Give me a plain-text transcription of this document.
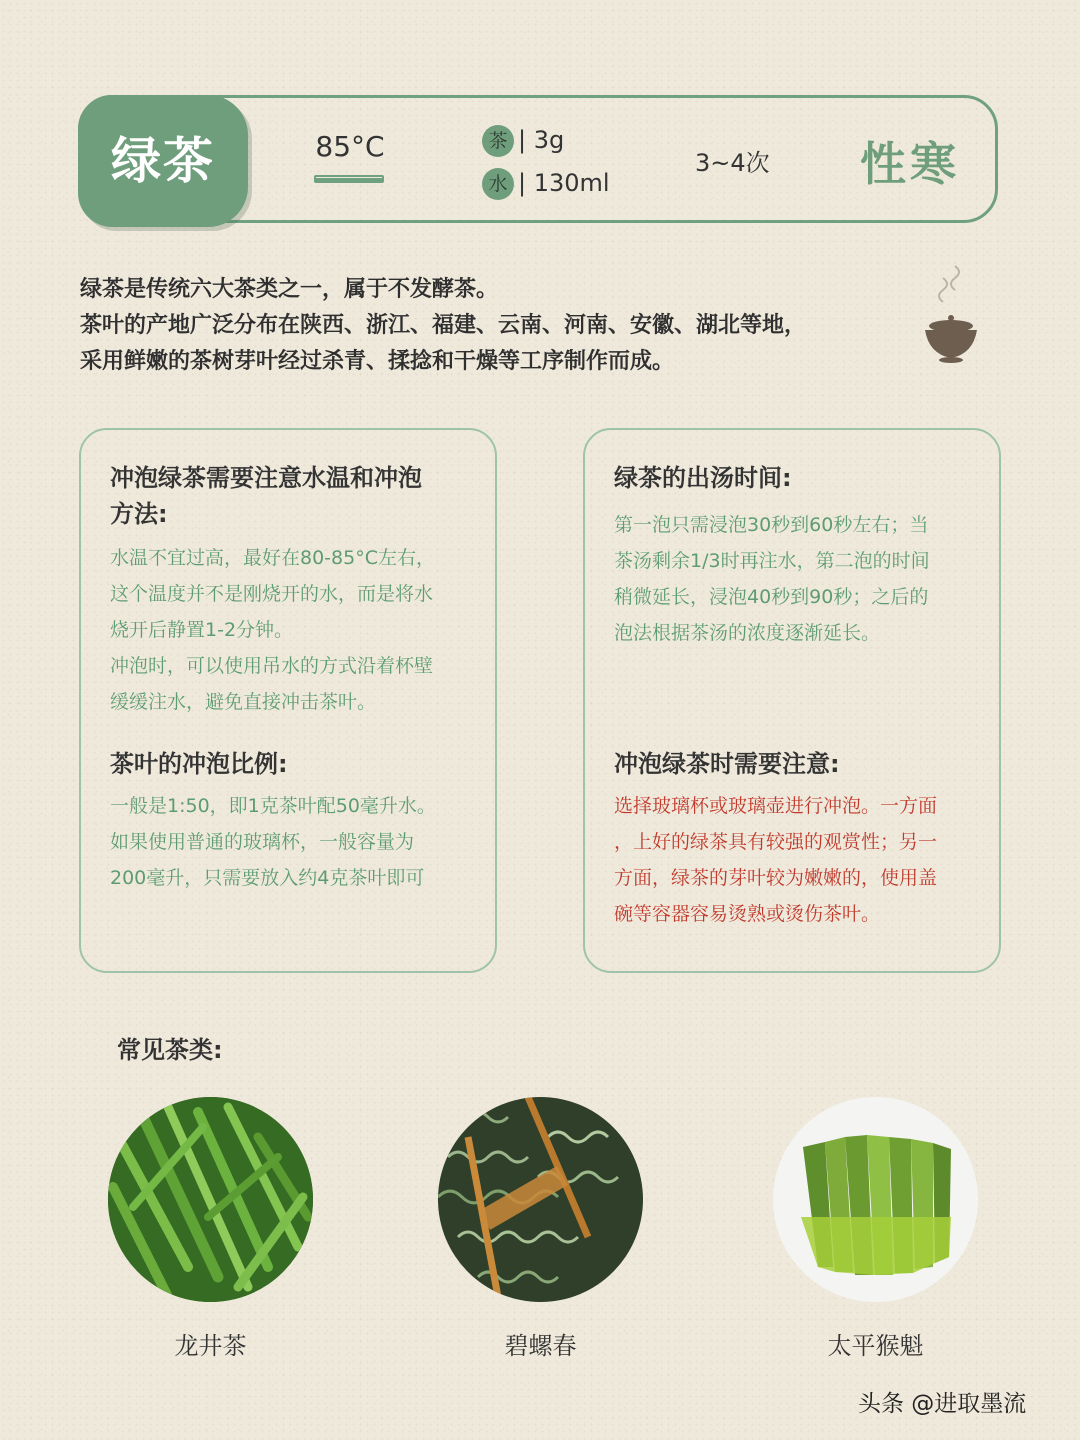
绿茶	85°C	茶 | 3g
水 | 130ml
3~4次 性寒
绿茶是传统六大茶类之一，属于不发酵茶。
茶叶的产地广泛分布在陕西、浙江、福建、云南、河南、安徽、湖北等地，
采用鲜嫩的茶树芽叶经过杀青、揉捻和干燥等工序制作而成。
冲泡绿茶需要注意水温和冲泡
方法:
水温不宜过高，最好在80-85°C左右，
这个温度并不是刚烧开的水，而是将水
烧开后静置1-2分钟。
冲泡时，可以使用吊水的方式沿着杯壁
缓缓注水，避免直接冲击茶叶。
茶叶的冲泡比例:
一般是1:50，即1克茶叶配50毫升水。
如果使用普通的玻璃杯，一般容量为
200毫升，只需要放入约4克茶叶即可
绿茶的出汤时间:
第一泡只需浸泡30秒到60秒左右；当
茶汤剩余1/3时再注水，第二泡的时间
稍微延长，浸泡40秒到90秒；之后的
泡法根据茶汤的浓度逐渐延长。
冲泡绿茶时需要注意:
选择玻璃杯或玻璃壶进行冲泡。一方面
，上好的绿茶具有较强的观赏性；另一
方面，绿茶的芽叶较为嫩嫩的，使用盖
碗等容器容易烫熟或烫伤茶叶。
常见茶类:
龙井茶	碧螺春	太平猴魁
头条 @进取墨流
